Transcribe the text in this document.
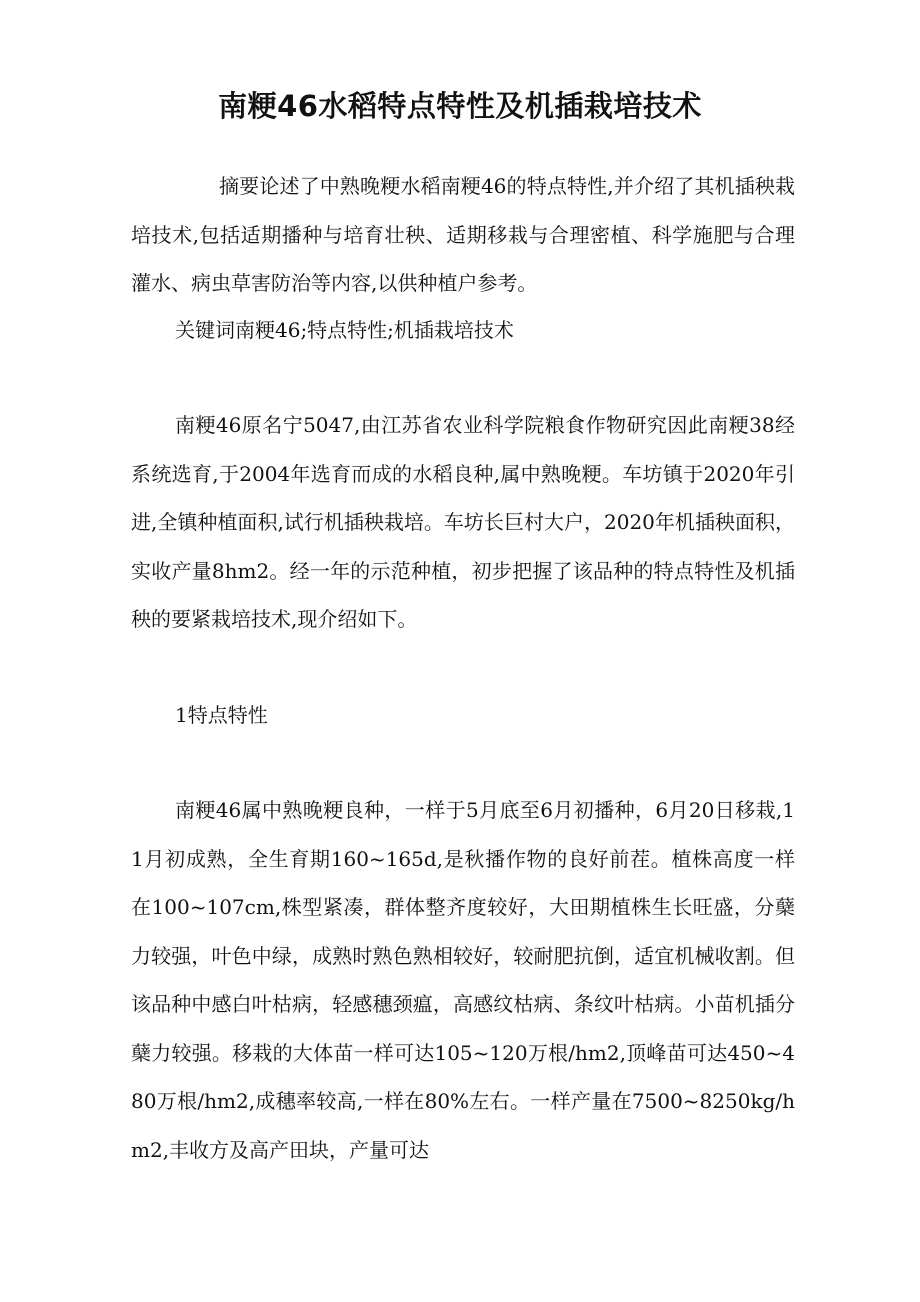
南粳46水稻特点特性及机插栽培技术

摘要论述了中熟晚粳水稻南粳46的特点特性,并介绍了其机插秧栽培技术,包括适期播种与培育壮秧、适期移栽与合理密植、科学施肥与合理灌水、病虫草害防治等内容,以供种植户参考。

关键词南粳46;特点特性;机插栽培技术

南粳46原名宁5047,由江苏省农业科学院粮食作物研究因此南粳38经系统选育,于2004年选育而成的水稻良种,属中熟晚粳。车坊镇于2020年引进,全镇种植面积,试行机插秧栽培。车坊长巨村大户，2020年机插秧面积，实收产量8hm2。经一年的示范种植，初步把握了该品种的特点特性及机插秧的要紧栽培技术,现介绍如下。

1特点特性

南粳46属中熟晚粳良种，一样于5月底至6月初播种，6月20日移栽,11月初成熟，全生育期160~165d,是秋播作物的良好前茬。植株高度一样在100~107cm,株型紧凑，群体整齐度较好，大田期植株生长旺盛，分蘖力较强，叶色中绿，成熟时熟色熟相较好，较耐肥抗倒，适宜机械收割。但该品种中感白叶枯病，轻感穗颈瘟，高感纹枯病、条纹叶枯病。小苗机插分蘖力较强。移栽的大体苗一样可达105~120万根/hm2,顶峰苗可达450~480万根/hm2,成穗率较高,一样在80%左右。一样产量在7500~8250kg/hm2,丰收方及高产田块，产量可达
